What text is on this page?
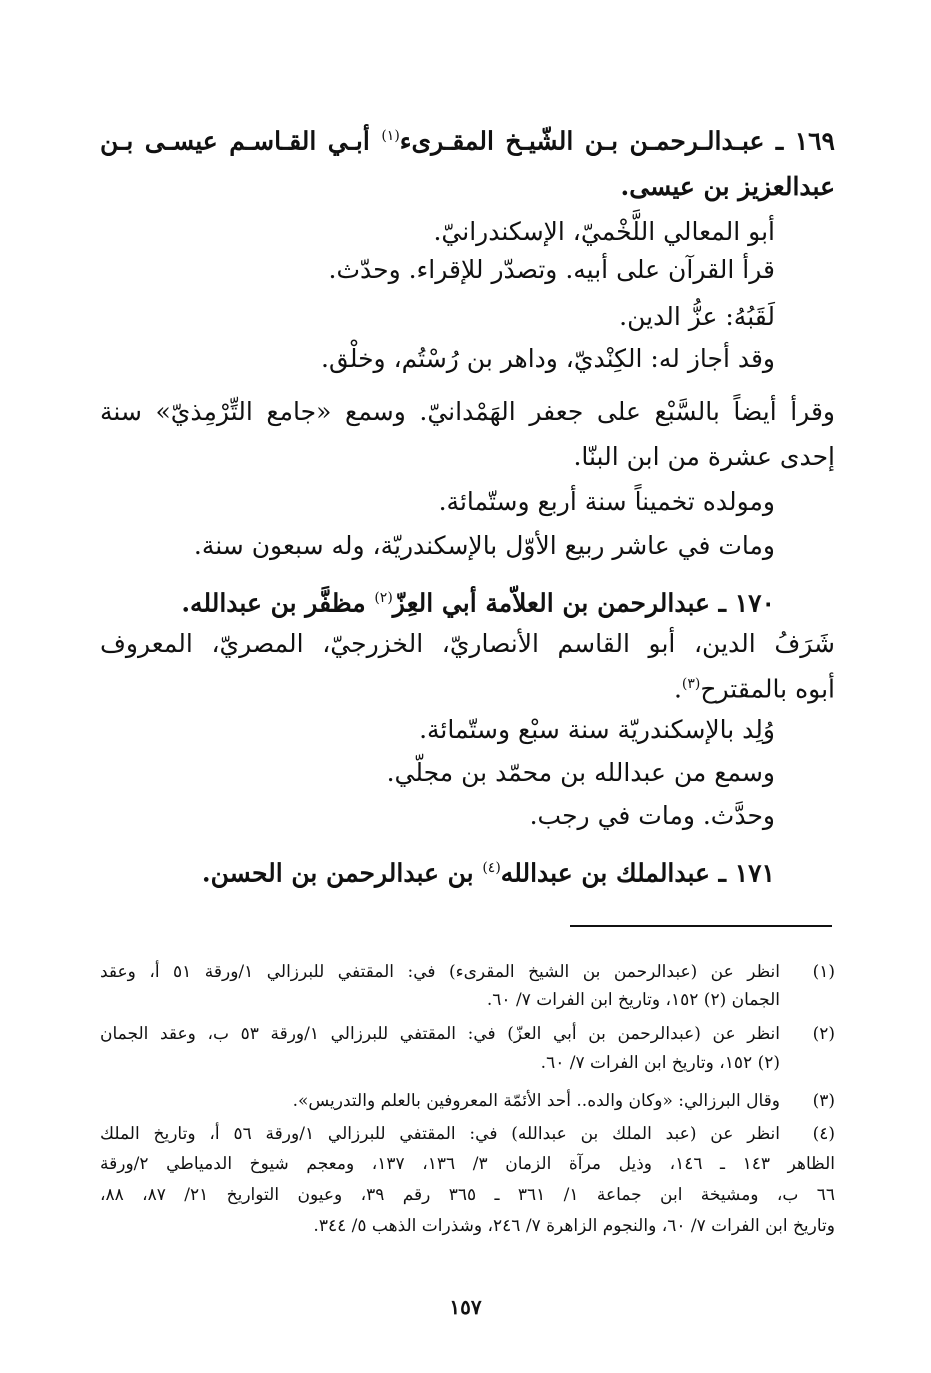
١٦٩ ـ عبـدالـرحمـن بـن الشّيـخ المقـرىء$^{(١)}$ أبـي القـاسـم عيسـى بـن
عبدالعزيز بن عيسى.
أبو المعالي اللَّخْميّ، الإسكندرانيّ.
قرأ القرآن على أبيه. وتصدّر للإقراء. وحدّث.
لَقَبُهُ: عزُّ الدين.
وقد أجاز له: الكِنْديّ، وداهر بن رُسْتُم، وخلْق.
وقرأ أيضاً بالسَّبْع على جعفر الهَمْدانيّ. وسمع «جامع التِّرْمِذيّ» سنة
إحدى عشرة من ابن البنّا.
ومولده تخميناً سنة أربع وستّمائة.
ومات في عاشر ربيع الأوّل بالإسكندريّة، وله سبعون سنة.
١٧٠ ـ عبدالرحمن بن العلاّمة أبي العِزّ$^{(٢)}$ مظفَّر بن عبدالله.
شَرَفُ الدين، أبو القاسم الأنصاريّ، الخزرجيّ، المصريّ، المعروف
أبوه بالمقترح$^{(٣)}$.
وُلِد بالإسكندريّة سنة سبْع وستّمائة.
وسمع من عبدالله بن محمّد بن مجلّي.
وحدَّث. ومات في رجب.
١٧١ ـ عبدالملك بن عبدالله$^{(٤)}$ بن عبدالرحمن بن الحسن.
(١)
انظر عن (عبدالرحمن بن الشيخ المقرىء) في: المقتفي للبرزالي ١/ورقة ٥١ أ، وعقد
الجمان (٢) ١٥٢، وتاريخ ابن الفرات ٧/ ٦٠.
(٢)
انظر عن (عبدالرحمن بن أبي العزّ) في: المقتفي للبرزالي ١/ورقة ٥٣ ب، وعقد الجمان
(٢) ١٥٢، وتاريخ ابن الفرات ٧/ ٦٠.
(٣)
وقال البرزالي: «وكان والده.. أحد الأئمّة المعروفين بالعلم والتدريس».
(٤)
انظر عن (عبد الملك بن عبدالله) في: المقتفي للبرزالي ١/ورقة ٥٦ أ، وتاريخ الملك
الظاهر ١٤٣ ـ ١٤٦، وذيل مرآة الزمان ٣/ ١٣٦، ١٣٧، ومعجم شيوخ الدمياطي ٢/ورقة
٦٦ ب، ومشيخة ابن جماعة ١/ ٣٦١ ـ ٣٦٥ رقم ٣٩، وعيون التواريخ ٢١/ ٨٧، ٨٨،
وتاريخ ابن الفرات ٧/ ٦٠، والنجوم الزاهرة ٧/ ٢٤٦، وشذرات الذهب ٥/ ٣٤٤.
١٥٧
